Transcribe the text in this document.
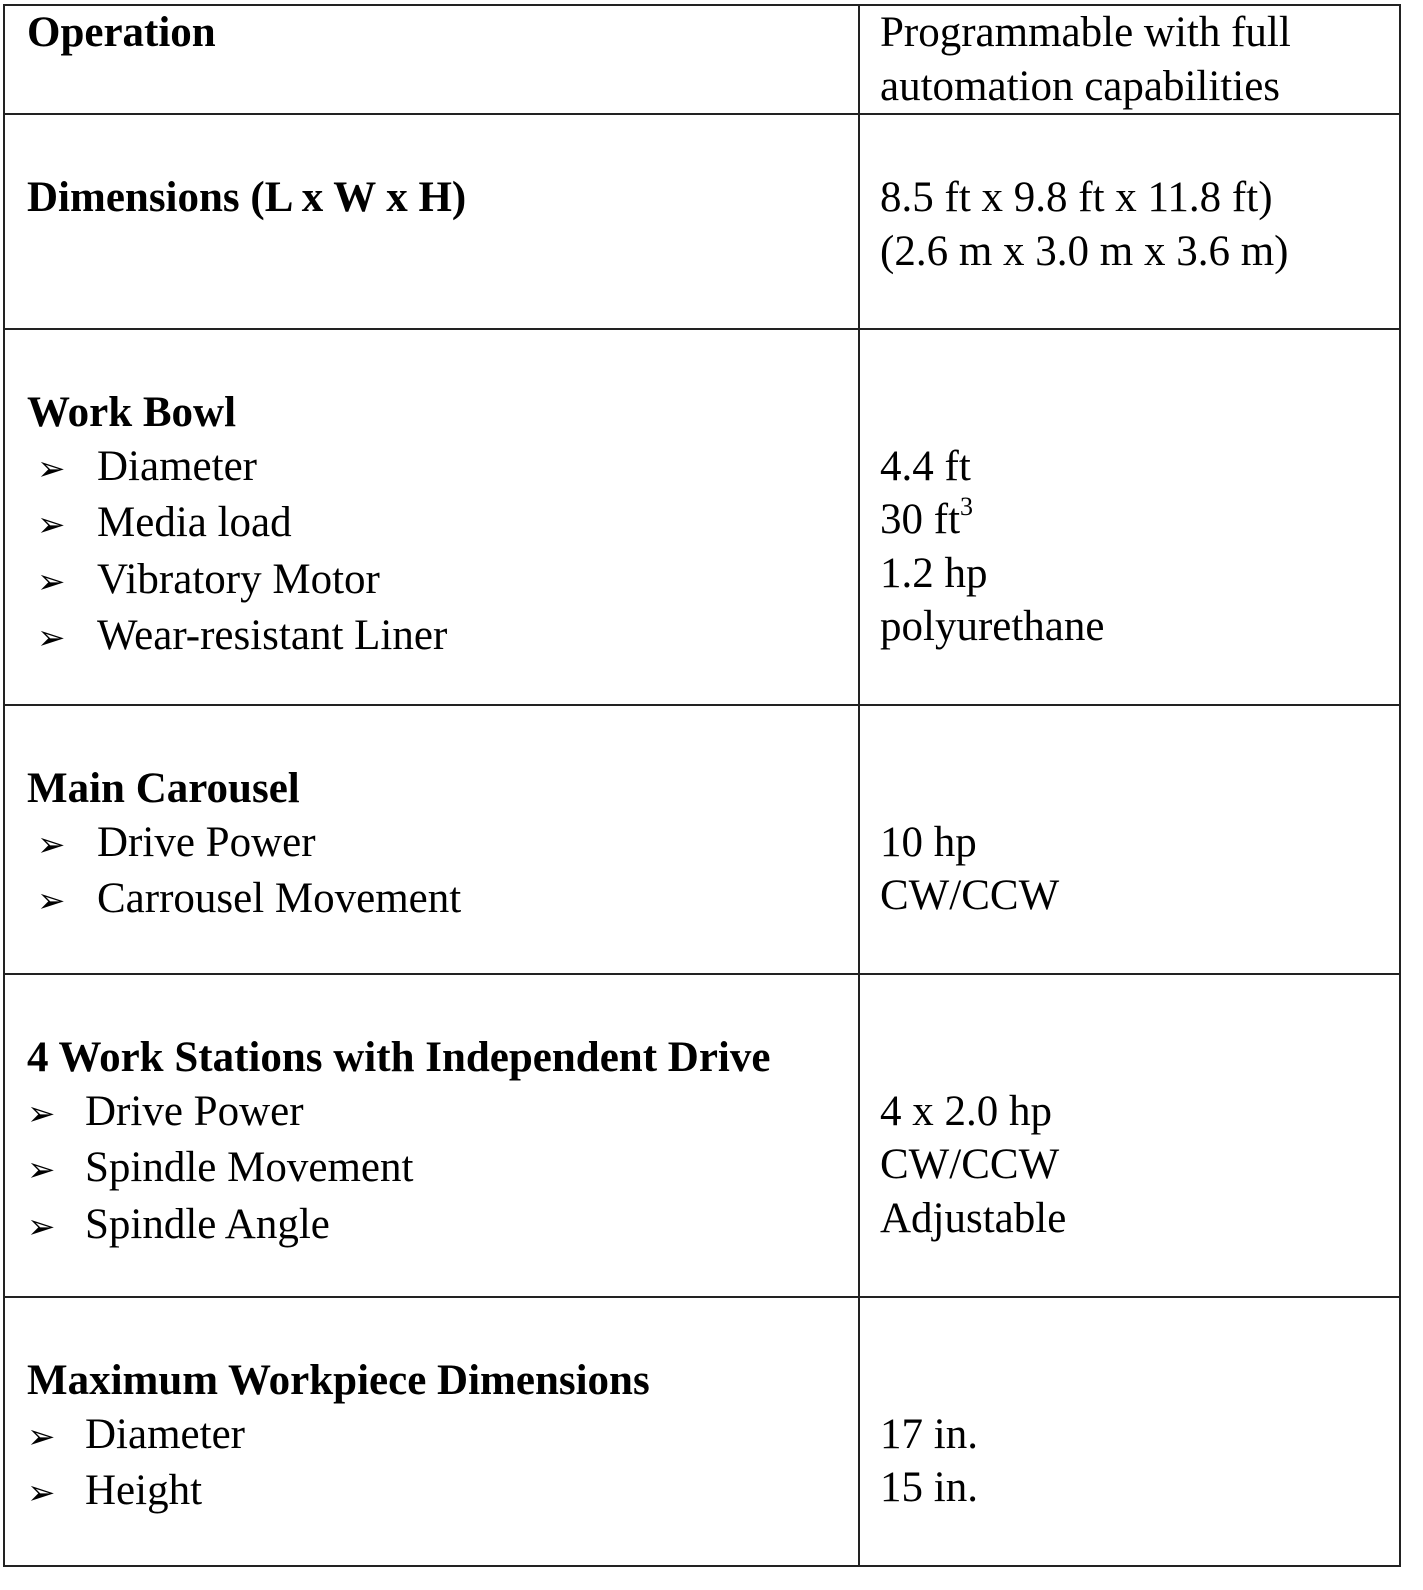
Operation	Programmable with full
automation capabilities

Dimensions (L x W x H)	8.5 ft x 9.8 ft x 11.8 ft)
(2.6 m x 3.0 m x 3.6 m)

Work Bowl
➢ Diameter
➢ Media load
➢ Vibratory Motor
➢ Wear-resistant Liner	4.4 ft
30 $ft^3$
1.2 hp
polyurethane

Main Carousel
➢ Drive Power
➢ Carrousel Movement	10 hp
CW/CCW

4 Work Stations with Independent Drive
➢ Drive Power
➢ Spindle Movement
➢ Spindle Angle	4 x 2.0 hp
CW/CCW
Adjustable

Maximum Workpiece Dimensions
➢ Diameter
➢ Height	17 in.
15 in.
